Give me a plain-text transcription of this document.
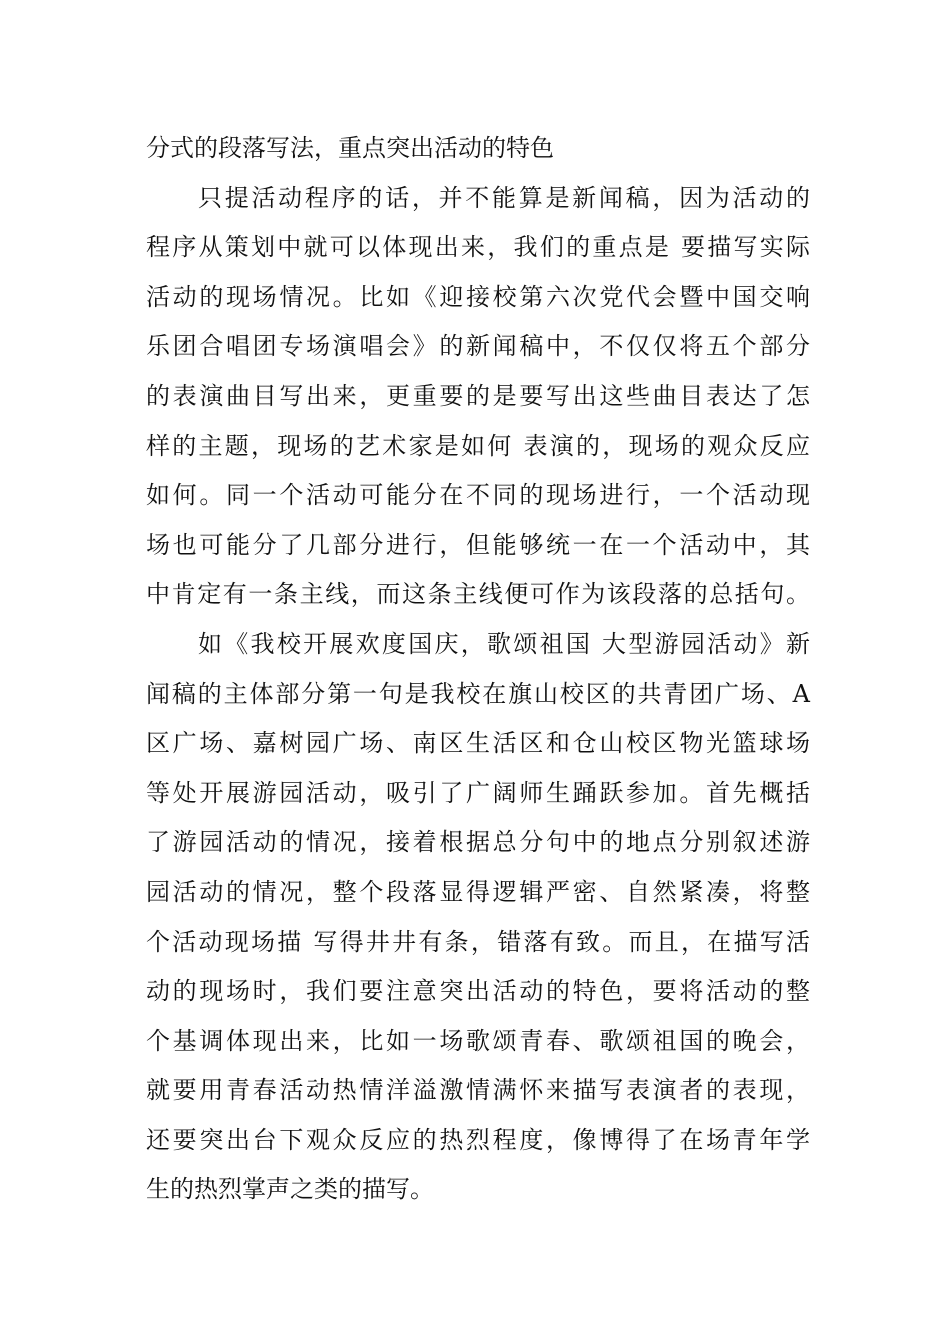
分式的段落写法，重点突出活动的特色
只提活动程序的话，并不能算是新闻稿，因为活动的
程序从策划中就可以体现出来，我们的重点是 要描写实际
活动的现场情况。比如《迎接校第六次党代会暨中国交响
乐团合唱团专场演唱会》的新闻稿中，不仅仅将五个部分
的表演曲目写出来，更重要的是要写出这些曲目表达了怎
样的主题，现场的艺术家是如何 表演的，现场的观众反应
如何。同一个活动可能分在不同的现场进行，一个活动现
场也可能分了几部分进行，但能够统一在一个活动中，其
中肯定有一条主线，而这条主线便可作为该段落的总括句。
如《我校开展欢度国庆，歌颂祖国 大型游园活动》新
闻稿的主体部分第一句是我校在旗山校区的共青团广场、A
区广场、嘉树园广场、南区生活区和仓山校区物光篮球场
等处开展游园活动，吸引了广阔师生踊跃参加。首先概括
了游园活动的情况，接着根据总分句中的地点分别叙述游
园活动的情况，整个段落显得逻辑严密、自然紧凑，将整
个活动现场描 写得井井有条，错落有致。而且，在描写活
动的现场时，我们要注意突出活动的特色，要将活动的整
个基调体现出来，比如一场歌颂青春、歌颂祖国的晚会，
就要用青春活动热情洋溢激情满怀来描写表演者的表现，
还要突出台下观众反应的热烈程度，像博得了在场青年学
生的热烈掌声之类的描写。
